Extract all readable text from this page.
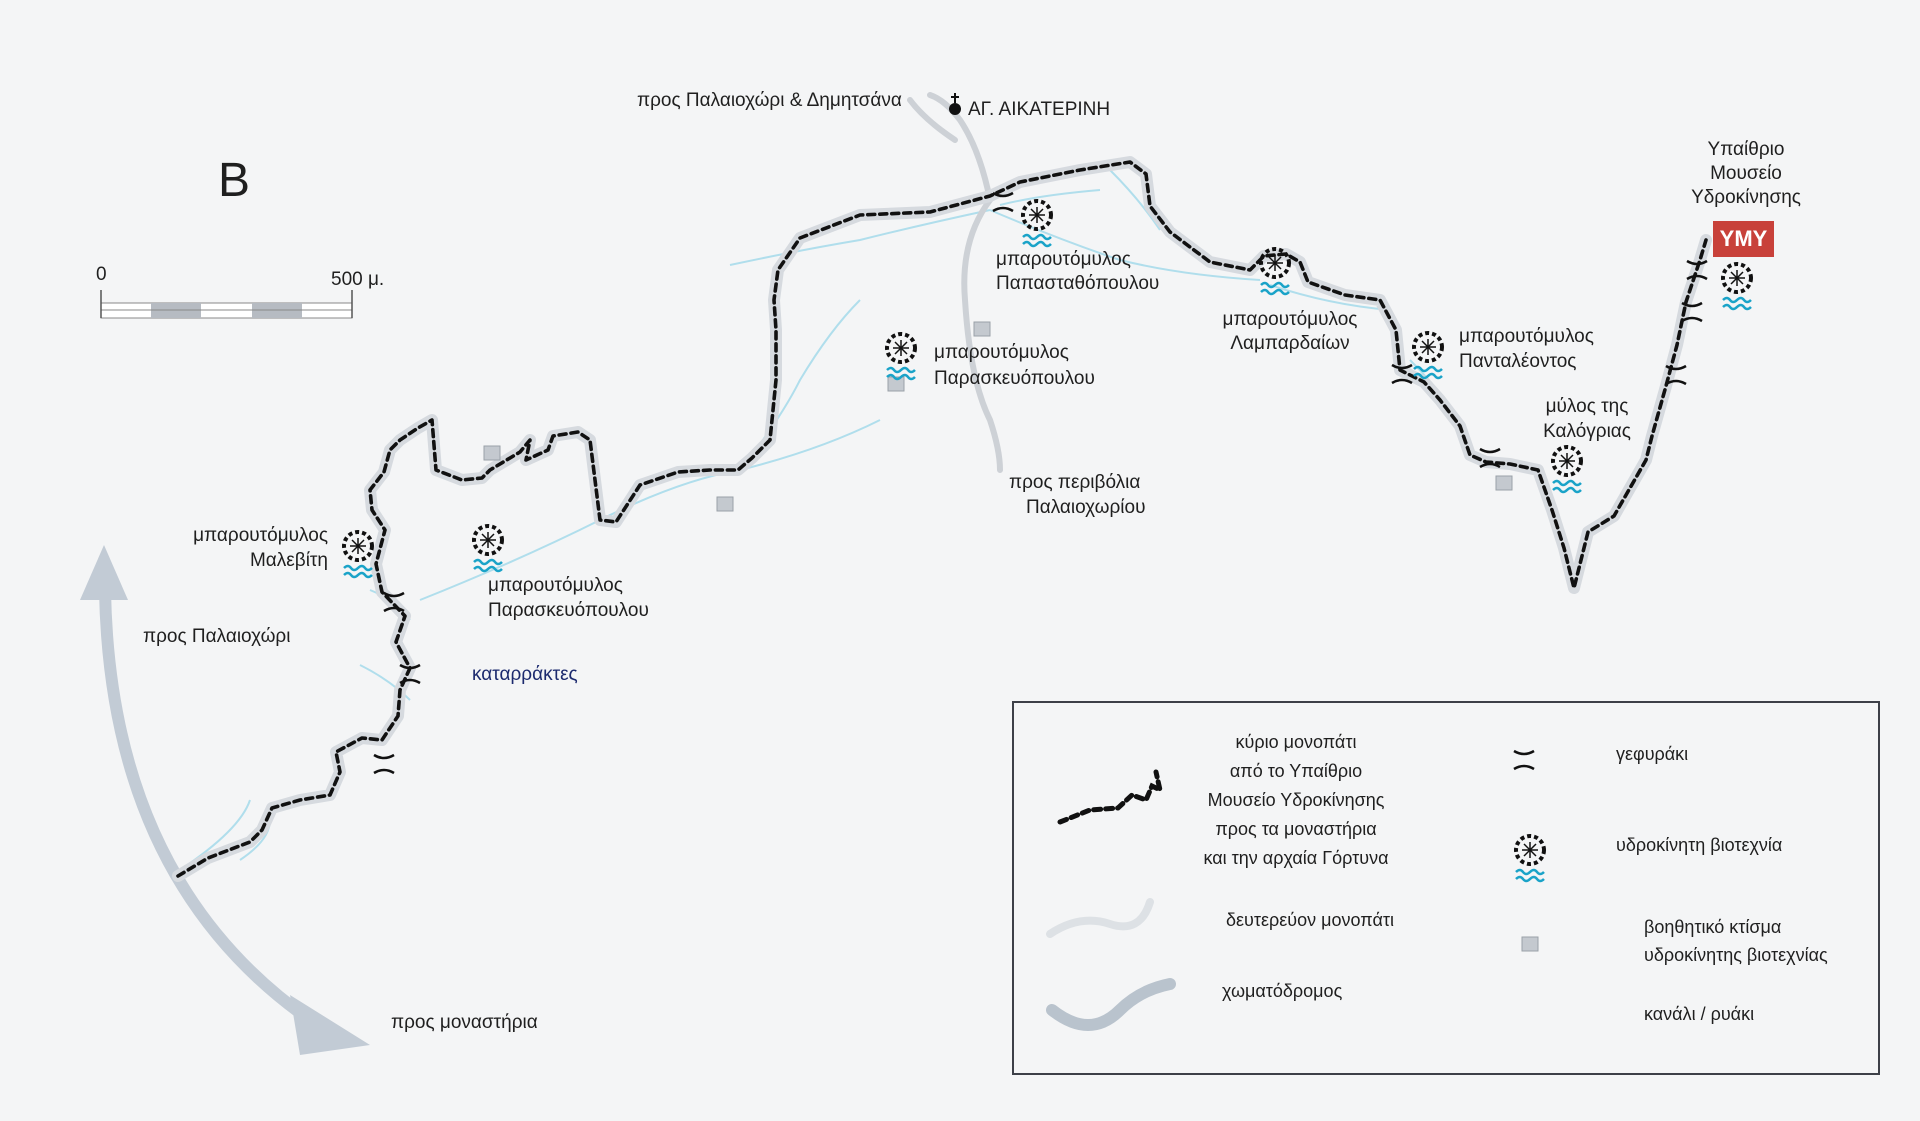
B
0	500 μ.
προς Παλαιοχώρι & Δημητσάνα	ΑΓ. ΑΙΚΑΤΕΡΙΝΗ
Υπαίθριο
Μουσείο
Υδροκίνησης
ΥΜΥ
μπαρουτόμυλος
Παπασταθόπουλου
μπαρουτόμυλος
Παρασκευόπουλου
μπαρουτόμυλος
Λαμπαρδαίων	μπαρουτόμυλος
Πανταλέοντος
μύλος της
Καλόγριας
προς περιβόλια
Παλαιοχωρίου
μπαρουτόμυλος
Μαλεβίτη
μπαρουτόμυλος
Παρασκευόπουλου
προς Παλαιοχώρι
καταρράκτες
προς μοναστήρια
κύριο μονοπάτι
από το Υπαίθριο
Μουσείο Υδροκίνησης
προς τα μοναστήρια
και την αρχαία Γόρτυνα
δευτερεύον μονοπάτι
χωματόδρομος
γεφυράκι
υδροκίνητη βιοτεχνία
βοηθητικό κτίσμα
υδροκίνητης βιοτεχνίας
κανάλι / ρυάκι
